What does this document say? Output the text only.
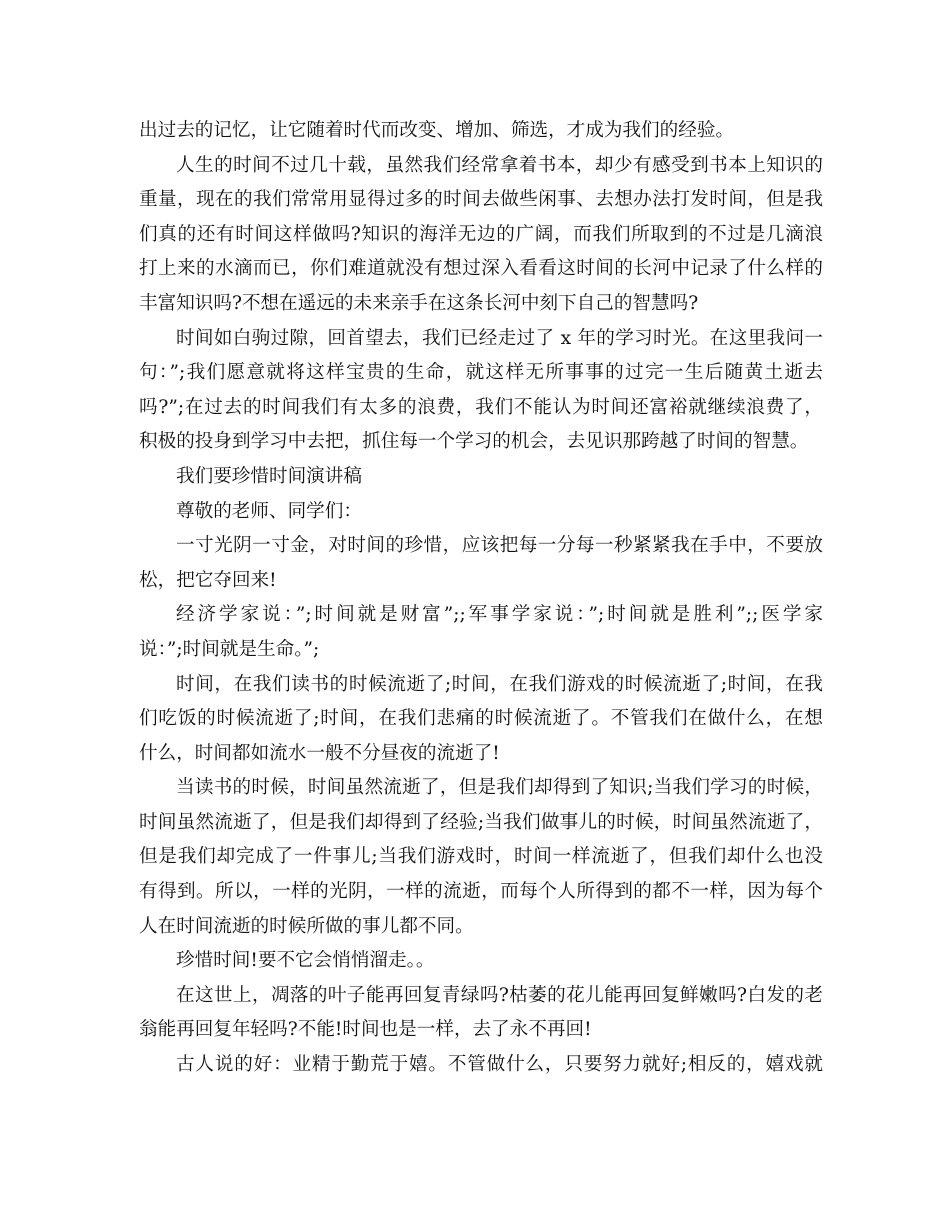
出过去的记忆，让它随着时代而改变、增加、筛选，才成为我们的经验。
人生的时间不过几十载，虽然我们经常拿着书本，却少有感受到书本上知识的
重量，现在的我们常常用显得过多的时间去做些闲事、去想办法打发时间，但是我
们真的还有时间这样做吗?知识的海洋无边的广阔，而我们所取到的不过是几滴浪
打上来的水滴而已，你们难道就没有想过深入看看这时间的长河中记录了什么样的
丰富知识吗?不想在遥远的未来亲手在这条长河中刻下自己的智慧吗?
时间如白驹过隙，回首望去，我们已经走过了 x 年的学习时光。在这里我问一
句：”;我们愿意就将这样宝贵的生命，就这样无所事事的过完一生后随黄土逝去
吗?”;在过去的时间我们有太多的浪费，我们不能认为时间还富裕就继续浪费了，
积极的投身到学习中去把，抓住每一个学习的机会，去见识那跨越了时间的智慧。
我们要珍惜时间演讲稿
尊敬的老师、同学们：
一寸光阴一寸金，对时间的珍惜，应该把每一分每一秒紧紧我在手中，不要放
松，把它夺回来!
经济学家说：”;时间就是财富”;;军事学家说：”;时间就是胜利”;;医学家
说：”;时间就是生命。”;
时间，在我们读书的时候流逝了;时间，在我们游戏的时候流逝了;时间，在我
们吃饭的时候流逝了;时间，在我们悲痛的时候流逝了。不管我们在做什么，在想
什么，时间都如流水一般不分昼夜的流逝了!
当读书的时候，时间虽然流逝了，但是我们却得到了知识;当我们学习的时候，
时间虽然流逝了，但是我们却得到了经验;当我们做事儿的时候，时间虽然流逝了，
但是我们却完成了一件事儿;当我们游戏时，时间一样流逝了，但我们却什么也没
有得到。所以，一样的光阴，一样的流逝，而每个人所得到的都不一样，因为每个
人在时间流逝的时候所做的事儿都不同。
珍惜时间!要不它会悄悄溜走。。
在这世上，凋落的叶子能再回复青绿吗?枯萎的花儿能再回复鲜嫩吗?白发的老
翁能再回复年轻吗?不能!时间也是一样，去了永不再回!
古人说的好：业精于勤荒于嬉。不管做什么，只要努力就好;相反的，嬉戏就
